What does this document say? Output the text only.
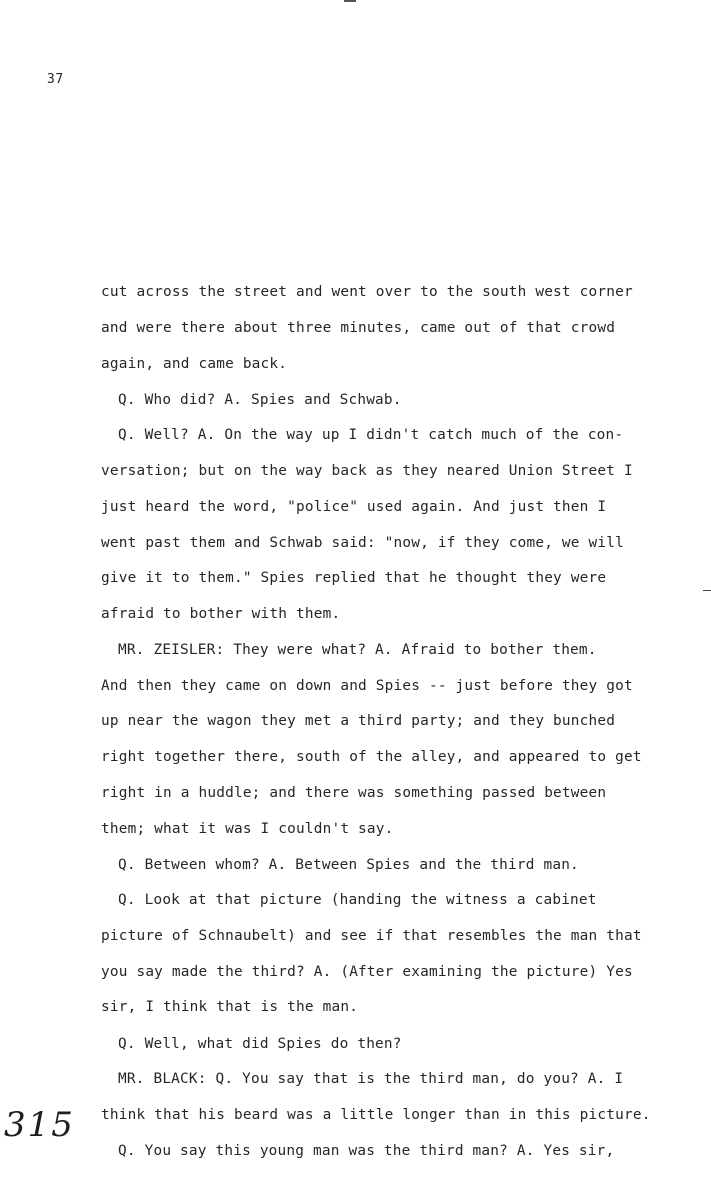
37
cut across the street and went over to the south west corner
and were there about three minutes, came out of that crowd
again, and came back.
Q. Who did? A. Spies and Schwab.
Q. Well? A. On the way up I didn't catch much of the con-
versation; but on the way back as they neared Union Street I
just heard the word, "police" used again. And just then I
went past them and Schwab said: "now, if they come, we will
give it to them." Spies replied that he thought they were
afraid to bother with them.
MR. ZEISLER: They were what? A. Afraid to bother them.
And then they came on down and Spies -- just before they got
up near the wagon they met a third party; and they bunched
right together there, south of the alley, and appeared to get
right in a huddle; and there was something passed between
them; what it was I couldn't say.
Q. Between whom? A. Between Spies and the third man.
Q. Look at that picture (handing the witness a cabinet
picture of Schnaubelt) and see if that resembles the man that
you say made the third? A. (After examining the picture) Yes
sir, I think that is the man.
Q. Well, what did Spies do then?
MR. BLACK: Q. You say that is the third man, do you? A. I
think that his beard was a little longer than in this picture.
Q. You say this young man was the third man? A. Yes sir,
315
